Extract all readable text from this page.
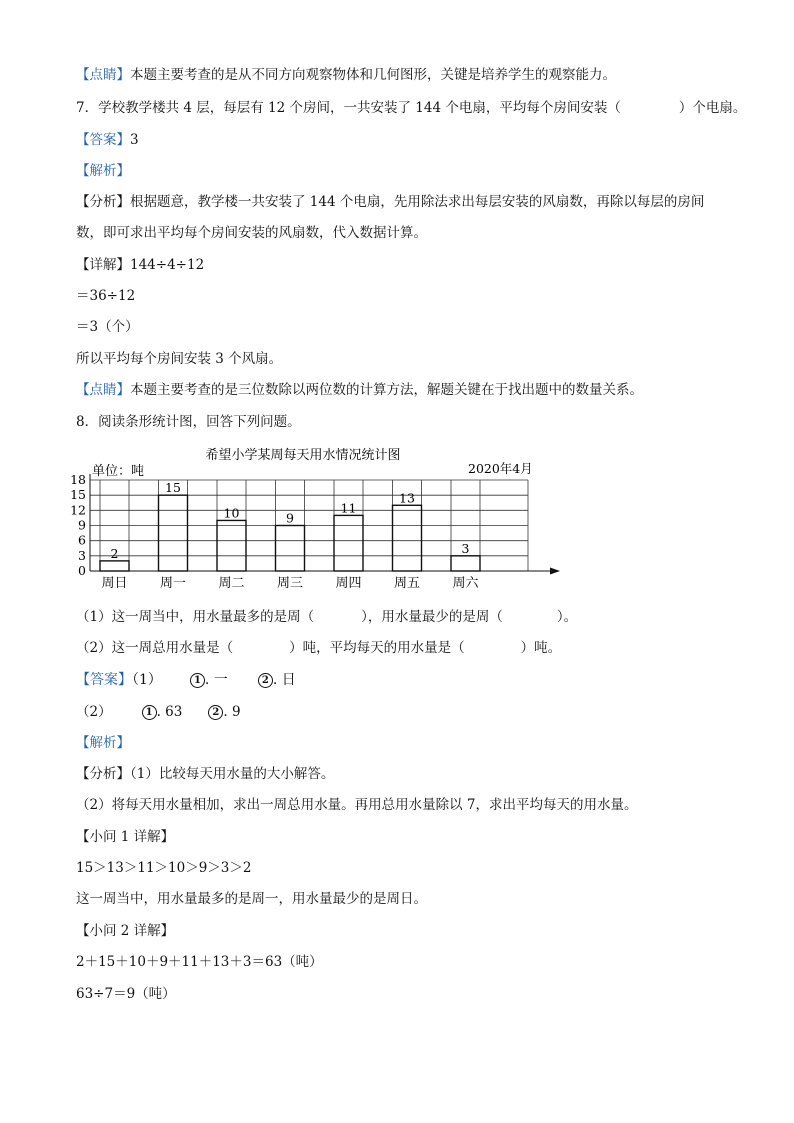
【点睛】本题主要考查的是从不同方向观察物体和几何图形，关键是培养学生的观察能力。
7．学校教学楼共 4 层，每层有 12 个房间，一共安装了 144 个电扇，平均每个房间安装（	）个电扇。
【答案】3
【解析】
【分析】根据题意，教学楼一共安装了 144 个电扇，先用除法求出每层安装的风扇数，再除以每层的房间
数，即可求出平均每个房间安装的风扇数，代入数据计算。
【详解】144÷4÷12
＝36÷12
＝3（个）
所以平均每个房间安装 3 个风扇。
【点睛】本题主要考查的是三位数除以两位数的计算方法，解题关键在于找出题中的数量关系。
8．阅读条形统计图，回答下列问题。
希望小学某周每天用水情况统计图
单位：吨	2020年4月
2
15
10	9
11
13
3
0
3
6
9
12
15
18
周日 周一 周二 周三 周四 周五 周六
（1）这一周当中，用水量最多的是周（	），用水量最少的是周（	）。
（2）这一周总用水量是（	）吨，平均每天的用水量是（	）吨。
【答案】（1）	1 . 一	2 . 日
（2）	1 . 63	2 . 9
【解析】
【分析】（1）比较每天用水量的大小解答。
（2）将每天用水量相加，求出一周总用水量。再用总用水量除以 7，求出平均每天的用水量。
【小问 1 详解】
15＞13＞11＞10＞9＞3＞2
这一周当中，用水量最多的是周一，用水量最少的是周日。
【小问 2 详解】
2＋15＋10＋9＋11＋13＋3＝63（吨）
63÷7＝9（吨）
